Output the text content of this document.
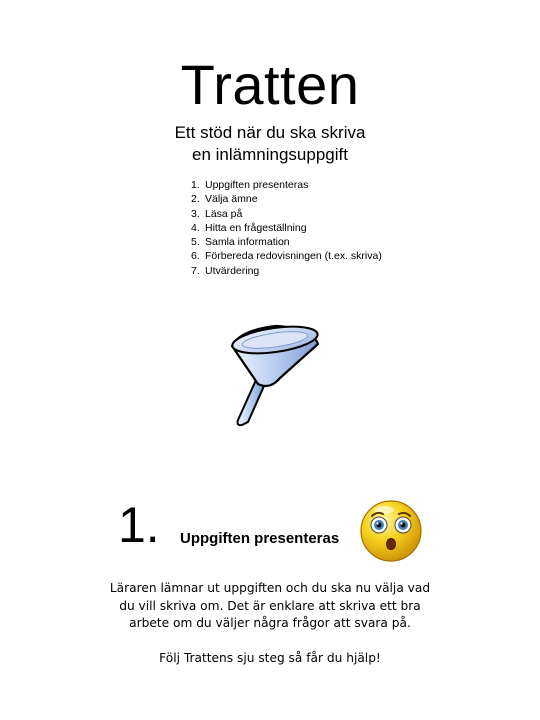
Tratten
Ett stöd när du ska skriva
en inlämningsuppgift
1. Uppgiften presenteras
2. Välja ämne
3. Läsa på
4. Hitta en frågeställning
5. Samla information
6. Förbereda redovisningen (t.ex. skriva)
7. Utvärdering
1. Uppgiften presenteras
Läraren lämnar ut uppgiften och du ska nu välja vad
du vill skriva om. Det är enklare att skriva ett bra
arbete om du väljer några frågor att svara på.
Följ Trattens sju steg så får du hjälp!
